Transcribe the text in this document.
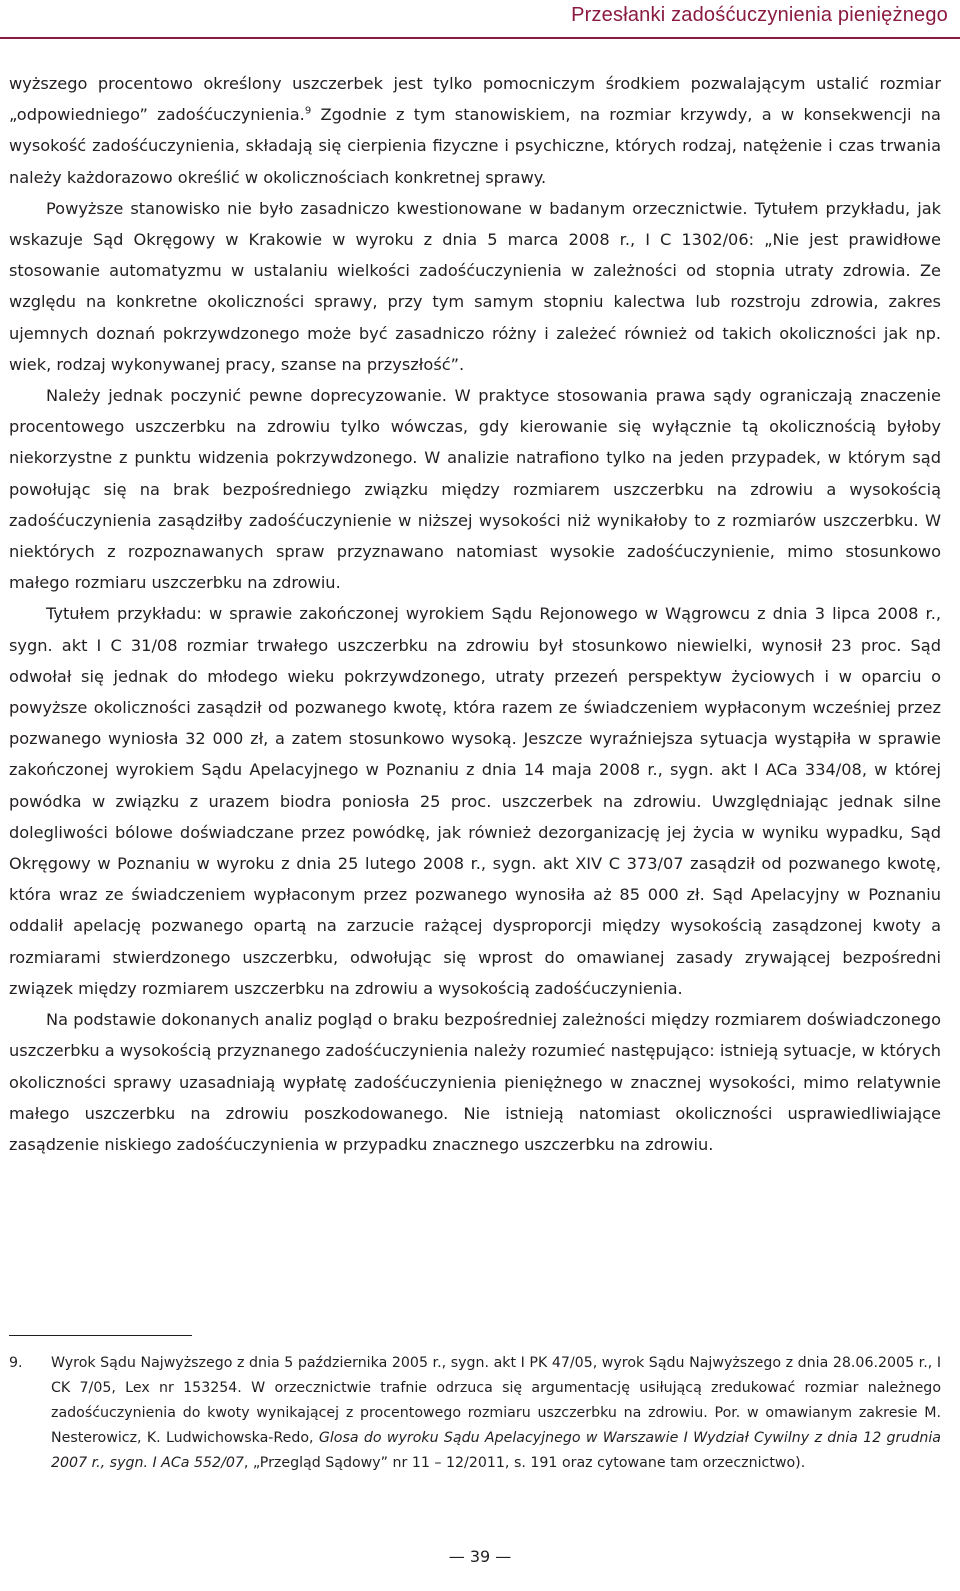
Przesłanki zadośćuczynienia pieniężnego

wyższego procentowo określony uszczerbek jest tylko pomocniczym środkiem pozwalającym ustalić rozmiar „odpowiedniego” zadośćuczynienia.$^9$ Zgodnie z tym stanowiskiem, na rozmiar krzywdy, a w konsekwencji na wysokość zadośćuczynienia, składają się cierpienia fizyczne i psychiczne, których rodzaj, natężenie i czas trwania należy każdorazowo określić w okolicznościach konkretnej sprawy.

Powyższe stanowisko nie było zasadniczo kwestionowane w badanym orzecznictwie. Tytułem przykładu, jak wskazuje Sąd Okręgowy w Krakowie w wyroku z dnia 5 marca 2008 r., I C 1302/06: „Nie jest prawidłowe stosowanie automatyzmu w ustalaniu wielkości zadośćuczynienia w zależności od stopnia utraty zdrowia. Ze względu na konkretne okoliczności sprawy, przy tym samym stopniu kalectwa lub rozstroju zdrowia, zakres ujemnych doznań pokrzywdzonego może być zasadniczo różny i zależeć również od takich okoliczności jak np. wiek, rodzaj wykonywanej pracy, szanse na przyszłość”.

Należy jednak poczynić pewne doprecyzowanie. W praktyce stosowania prawa sądy ograniczają znaczenie procentowego uszczerbku na zdrowiu tylko wówczas, gdy kierowanie się wyłącznie tą okolicznością byłoby niekorzystne z punktu widzenia pokrzywdzonego. W analizie natrafiono tylko na jeden przypadek, w którym sąd powołując się na brak bezpośredniego związku między rozmiarem uszczerbku na zdrowiu a wysokością zadośćuczynienia zasądziłby zadośćuczynienie w niższej wysokości niż wynikałoby to z rozmiarów uszczerbku. W niektórych z rozpoznawanych spraw przyznawano natomiast wysokie zadośćuczynienie, mimo stosunkowo małego rozmiaru uszczerbku na zdrowiu.

Tytułem przykładu: w sprawie zakończonej wyrokiem Sądu Rejonowego w Wągrowcu z dnia 3 lipca 2008 r., sygn. akt I C 31/08 rozmiar trwałego uszczerbku na zdrowiu był stosunkowo niewielki, wynosił 23 proc. Sąd odwołał się jednak do młodego wieku pokrzywdzonego, utraty przezeń perspektyw życiowych i w oparciu o powyższe okoliczności zasądził od pozwanego kwotę, która razem ze świadczeniem wypłaconym wcześniej przez pozwanego wyniosła 32 000 zł, a zatem stosunkowo wysoką. Jeszcze wyraźniejsza sytuacja wystąpiła w sprawie zakończonej wyrokiem Sądu Apelacyjnego w Poznaniu z dnia 14 maja 2008 r., sygn. akt I ACa 334/08, w której powódka w związku z urazem biodra poniosła 25 proc. uszczerbek na zdrowiu. Uwzględniając jednak silne dolegliwości bólowe doświadczane przez powódkę, jak również dezorganizację jej życia w wyniku wypadku, Sąd Okręgowy w Poznaniu w wyroku z dnia 25 lutego 2008 r., sygn. akt XIV C 373/07 zasądził od pozwanego kwotę, która wraz ze świadczeniem wypłaconym przez pozwanego wynosiła aż 85 000 zł. Sąd Apelacyjny w Poznaniu oddalił apelację pozwanego opartą na zarzucie rażącej dysproporcji między wysokością zasądzonej kwoty a rozmiarami stwierdzonego uszczerbku, odwołując się wprost do omawianej zasady zrywającej bezpośredni związek między rozmiarem uszczerbku na zdrowiu a wysokością zadośćuczynienia.

Na podstawie dokonanych analiz pogląd o braku bezpośredniej zależności między rozmiarem doświadczonego uszczerbku a wysokością przyznanego zadośćuczynienia należy rozumieć następująco: istnieją sytuacje, w których okoliczności sprawy uzasadniają wypłatę zadośćuczynienia pieniężnego w znacznej wysokości, mimo relatywnie małego uszczerbku na zdrowiu poszkodowanego. Nie istnieją natomiast okoliczności usprawiedliwiające zasądzenie niskiego zadośćuczynienia w przypadku znacznego uszczerbku na zdrowiu.

9.	Wyrok Sądu Najwyższego z dnia 5 października 2005 r., sygn. akt I PK 47/05, wyrok Sądu Najwyższego z dnia 28.06.2005 r., I CK 7/05, Lex nr 153254. W orzecznictwie trafnie odrzuca się argumentację usiłującą zredukować rozmiar należnego zadośćuczynienia do kwoty wynikającej z procentowego rozmiaru uszczerbku na zdrowiu. Por. w omawianym zakresie M. Nesterowicz, K. Ludwichowska-Redo, Glosa do wyroku Sądu Apelacyjnego w Warszawie I Wydział Cywilny z dnia 12 grudnia 2007 r., sygn. I ACa 552/07, „Przegląd Sądowy” nr 11 – 12/2011, s. 191 oraz cytowane tam orzecznictwo).
— 39 —
